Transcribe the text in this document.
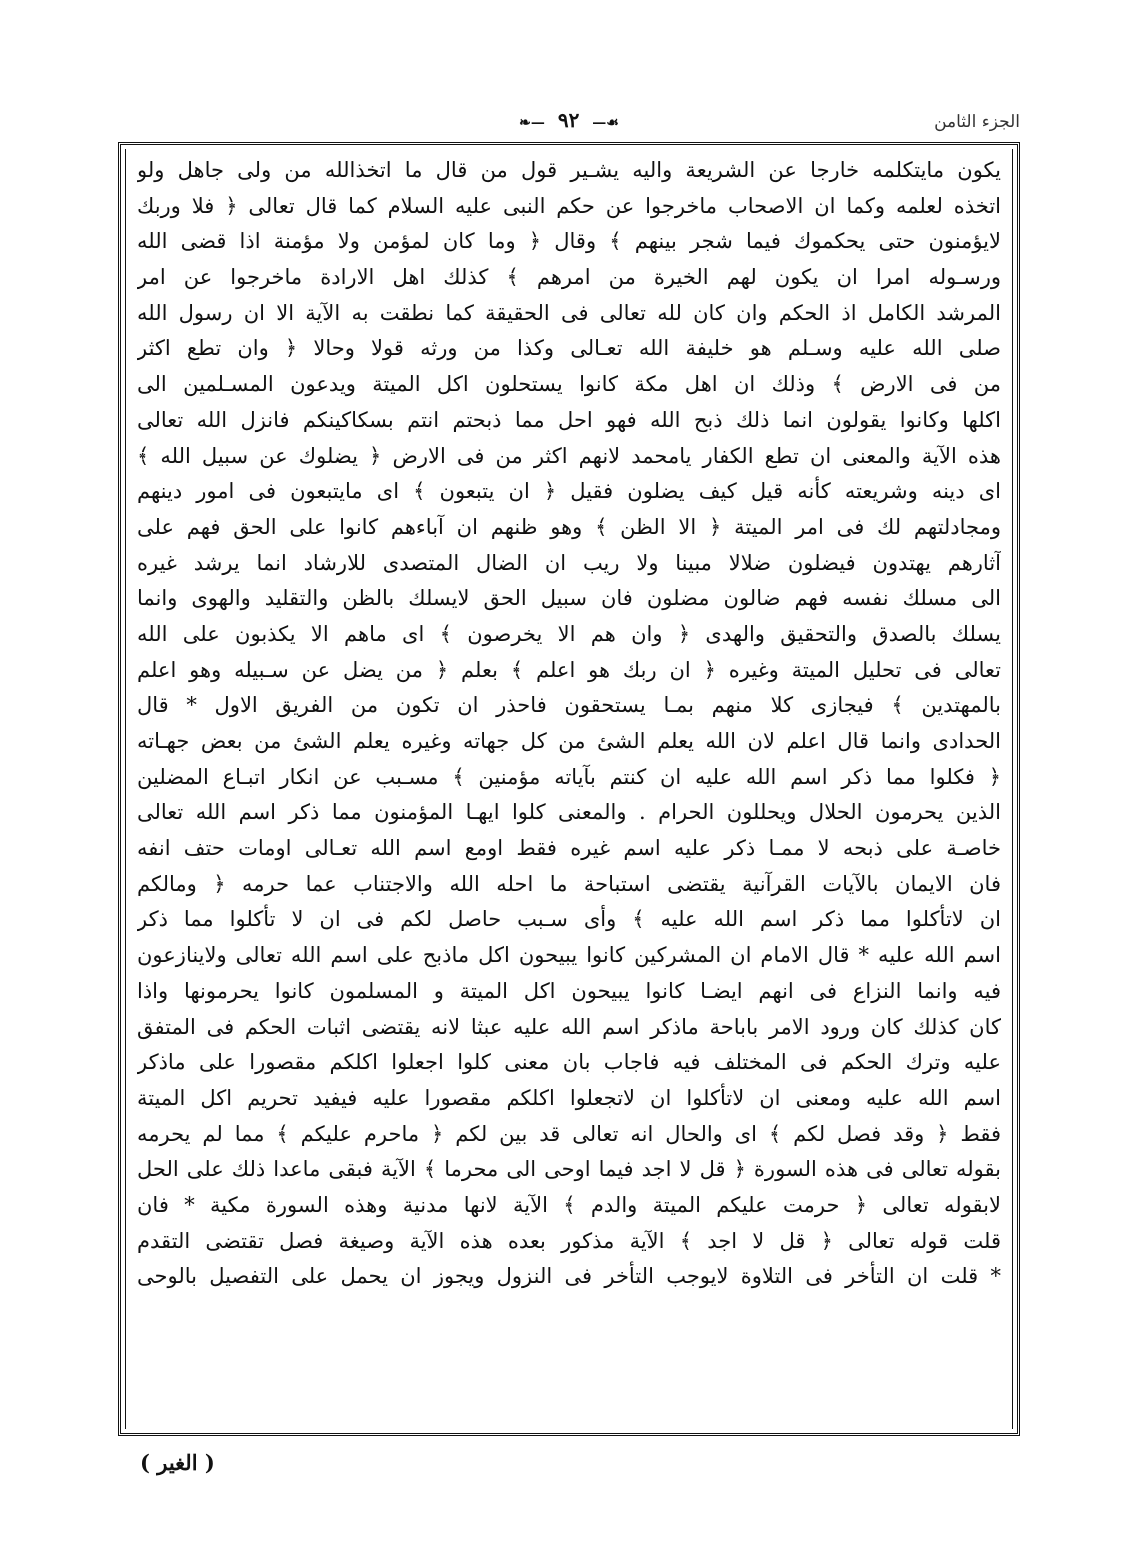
☙— ۹۲ —❧	الجزء الثامن
يكون مايتكلمه خارجا عن الشريعة واليه يشـير قول من قال ما اتخذالله من ولى جاهل ولو
اتخذه لعلمه وكما ان الاصحاب ماخرجوا عن حكم النبى عليه السلام كما قال تعالى ﴿ فلا وربك
لايؤمنون حتى يحكموك فيما شجر بينهم ﴾ وقال ﴿ وما كان لمؤمن ولا مؤمنة اذا قضى الله
ورسـوله امرا ان يكون لهم الخيرة من امرهم ﴾ كذلك اهل الارادة ماخرجوا عن امر
المرشد الكامل اذ الحكم وان كان لله تعالى فى الحقيقة كما نطقت به الآية الا ان رسول الله
صلى الله عليه وسـلم هو خليفة الله تعـالى وكذا من ورثه قولا وحالا ﴿ وان تطع اكثر
من فى الارض ﴾ وذلك ان اهل مكة كانوا يستحلون اكل الميتة ويدعون المسـلمين الى
اكلها وكانوا يقولون انما ذلك ذبح الله فهو احل مما ذبحتم انتم بسكاكينكم فانزل الله تعالى
هذه الآية والمعنى ان تطع الكفار يامحمد لانهم اكثر من فى الارض ﴿ يضلوك عن سبيل الله ﴾
اى دينه وشريعته كأنه قيل كيف يضلون فقيل ﴿ ان يتبعون ﴾ اى مايتبعون فى امور دينهم
ومجادلتهم لك فى امر الميتة ﴿ الا الظن ﴾ وهو ظنهم ان آباءهم كانوا على الحق فهم على
آثارهم يهتدون فيضلون ضلالا مبينا ولا ريب ان الضال المتصدى للارشاد انما يرشد غيره
الى مسلك نفسه فهم ضالون مضلون فان سبيل الحق لايسلك بالظن والتقليد والهوى وانما
يسلك بالصدق والتحقيق والهدى ﴿ وان هم الا يخرصون ﴾ اى ماهم الا يكذبون على الله
تعالى فى تحليل الميتة وغيره ﴿ ان ربك هو اعلم ﴾ بعلم ﴿ من يضل عن سـبيله وهو اعلم
بالمهتدين ﴾ فيجازى كلا منهم بمـا يستحقون فاحذر ان تكون من الفريق الاول * قال
الحدادى وانما قال اعلم لان الله يعلم الشئ من كل جهاته وغيره يعلم الشئ من بعض جهـاته
﴿ فكلوا مما ذكر اسم الله عليه ان كنتم بآياته مؤمنين ﴾ مسـبب عن انكار اتبـاع المضلين
الذين يحرمون الحلال ويحللون الحرام . والمعنى كلوا ايهـا المؤمنون مما ذكر اسم الله تعالى
خاصـة على ذبحه لا ممـا ذكر عليه اسم غيره فقط اومع اسم الله تعـالى اومات حتف انفه
فان الايمان بالآيات القرآنية يقتضى استباحة ما احله الله والاجتناب عما حرمه ﴿ ومالكم
ان لاتأكلوا مما ذكر اسم الله عليه ﴾ وأى سـبب حاصل لكم فى ان لا تأكلوا مما ذكر
اسم الله عليه * قال الامام ان المشركين كانوا يبيحون اكل ماذبح على اسم الله تعالى ولاينازعون
فيه وانما النزاع فى انهم ايضـا كانوا يبيحون اكل الميتة و المسلمون كانوا يحرمونها واذا
كان كذلك كان ورود الامر باباحة ماذكر اسم الله عليه عبثا لانه يقتضى اثبات الحكم فى المتفق
عليه وترك الحكم فى المختلف فيه فاجاب بان معنى كلوا اجعلوا اكلكم مقصورا على ماذكر
اسم الله عليه ومعنى ان لاتأكلوا ان لاتجعلوا اكلكم مقصورا عليه فيفيد تحريم اكل الميتة
فقط ﴿ وقد فصل لكم ﴾ اى والحال انه تعالى قد بين لكم ﴿ ماحرم عليكم ﴾ مما لم يحرمه
بقوله تعالى فى هذه السورة ﴿ قل لا اجد فيما اوحى الى محرما ﴾ الآية فبقى ماعدا ذلك على الحل
لابقوله تعالى ﴿ حرمت عليكم الميتة والدم ﴾ الآية لانها مدنية وهذه السورة مكية * فان
قلت قوله تعالى ﴿ قل لا اجد ﴾ الآية مذكور بعده هذه الآية وصيغة فصل تقتضى التقدم
* قلت ان التأخر فى التلاوة لايوجب التأخر فى النزول ويجوز ان يحمل على التفصيل بالوحى
( الغير )
